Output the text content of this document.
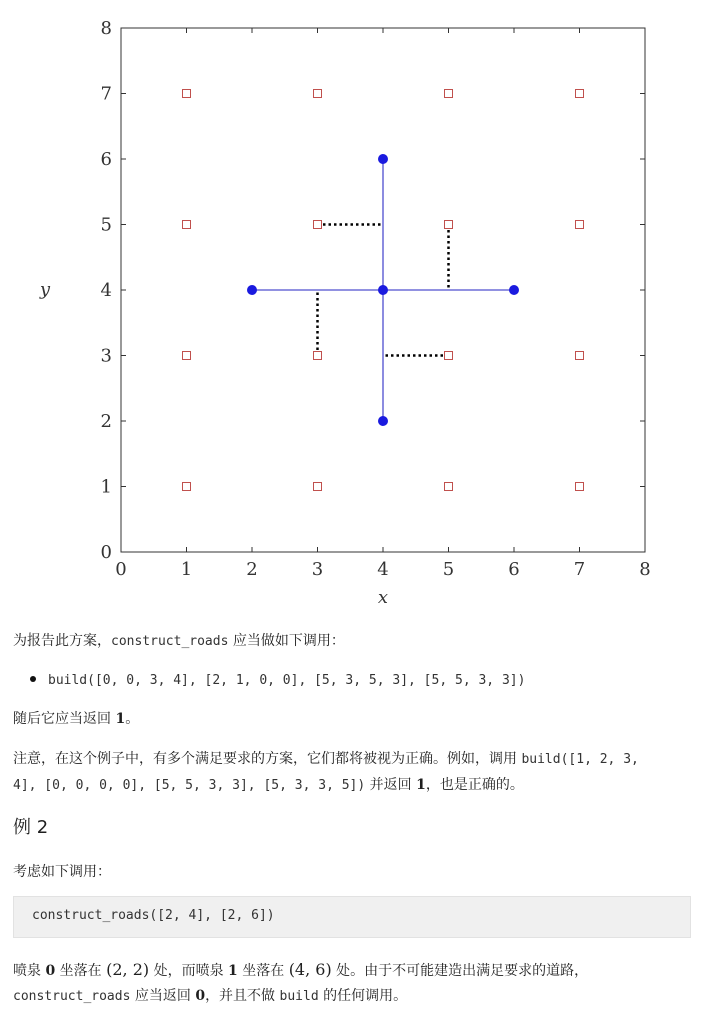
0	1	2	3	4	5	6	7	8
0
1
2
3
4
5
6
7
8
x
y
为报告此方案，construct_roads 应当做如下调用：
build([0, 0, 3, 4], [2, 1, 0, 0], [5, 3, 5, 3], [5, 5, 3, 3])
随后它应当返回 1。
注意，在这个例子中，有多个满足要求的方案，它们都将被视为正确。例如，调用 build([1, 2, 3,
4], [0, 0, 0, 0], [5, 5, 3, 3], [5, 3, 3, 5]) 并返回 1，也是正确的。
例 2
考虑如下调用：
construct_roads([2, 4], [2, 6])
喷泉 0 坐落在 (2, 2) 处，而喷泉 1 坐落在 (4, 6) 处。由于不可能建造出满足要求的道路，
construct_roads 应当返回 0，并且不做 build 的任何调用。
